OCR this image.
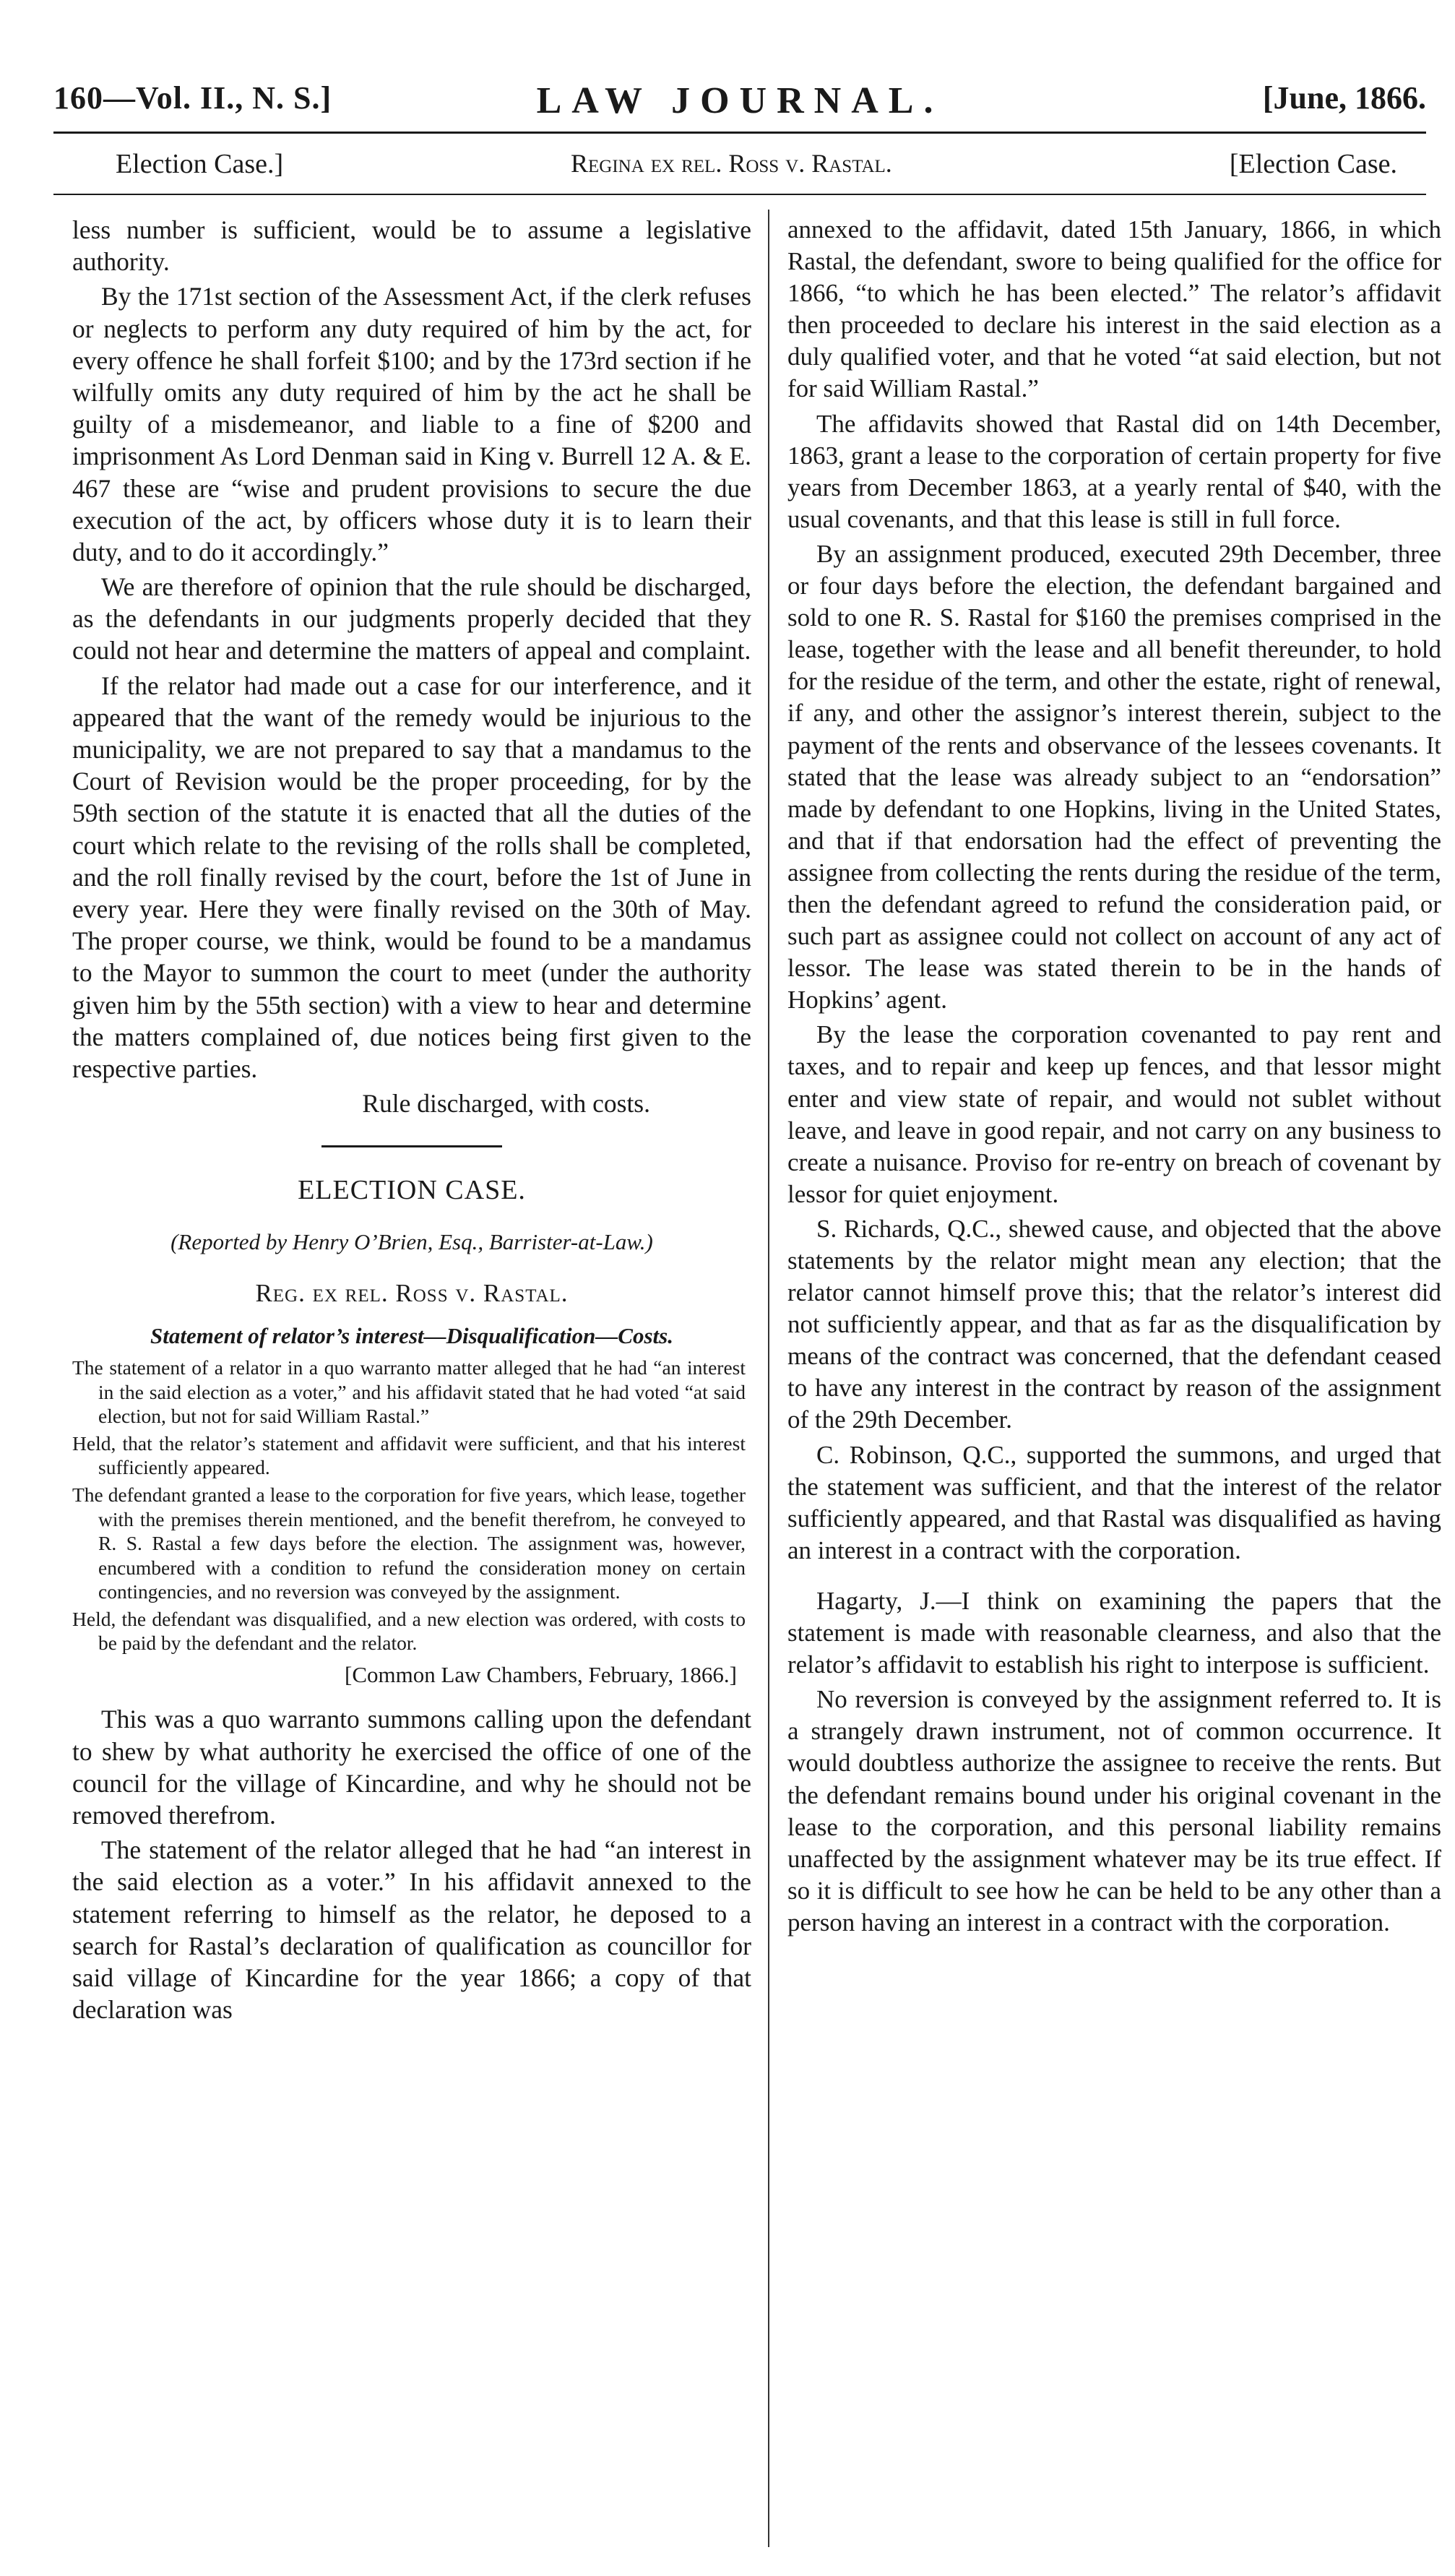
160—Vol. II., N. S.]	LAW JOURNAL.	[June, 1866.
Election Case.]	Regina ex rel. Ross v. Rastal.	[Election Case.

less number is sufficient, would be to assume a legislative authority.

By the 171st section of the Assessment Act, if the clerk refuses or neglects to perform any duty required of him by the act, for every offence he shall forfeit $100; and by the 173rd section if he wilfully omits any duty required of him by the act he shall be guilty of a misdemeanor, and liable to a fine of $200 and imprisonment As Lord Denman said in King v. Burrell 12 A. & E. 467 these are “wise and prudent provisions to secure the due execution of the act, by officers whose duty it is to learn their duty, and to do it accordingly.”

We are therefore of opinion that the rule should be discharged, as the defendants in our judgments properly decided that they could not hear and determine the matters of appeal and complaint.

If the relator had made out a case for our interference, and it appeared that the want of the remedy would be injurious to the municipality, we are not prepared to say that a mandamus to the Court of Revision would be the proper proceeding, for by the 59th section of the statute it is enacted that all the duties of the court which relate to the revising of the rolls shall be completed, and the roll finally revised by the court, before the 1st of June in every year. Here they were finally revised on the 30th of May. The proper course, we think, would be found to be a mandamus to the Mayor to summon the court to meet (under the authority given him by the 55th section) with a view to hear and determine the matters complained of, due notices being first given to the respective parties.

Rule discharged, with costs.

ELECTION CASE.
(Reported by Henry O’Brien, Esq., Barrister-at-Law.)
Reg. ex rel. Ross v. Rastal.
Statement of relator’s interest—Disqualification—Costs.

The statement of a relator in a quo warranto matter alleged that he had “an interest in the said election as a voter,” and his affidavit stated that he had voted “at said election, but not for said William Rastal.”

Held, that the relator’s statement and affidavit were sufficient, and that his interest sufficiently appeared.

The defendant granted a lease to the corporation for five years, which lease, together with the premises therein mentioned, and the benefit therefrom, he conveyed to R. S. Rastal a few days before the election. The assignment was, however, encumbered with a condition to refund the consideration money on certain contingencies, and no reversion was conveyed by the assignment.

Held, the defendant was disqualified, and a new election was ordered, with costs to be paid by the defendant and the relator.

[Common Law Chambers, February, 1866.]

This was a quo warranto summons calling upon the defendant to shew by what authority he exercised the office of one of the council for the village of Kincardine, and why he should not be removed therefrom.

The statement of the relator alleged that he had “an interest in the said election as a voter.” In his affidavit annexed to the statement referring to himself as the relator, he deposed to a search for Rastal’s declaration of qualification as councillor for said village of Kincardine for the year 1866; a copy of that declaration was

annexed to the affidavit, dated 15th January, 1866, in which Rastal, the defendant, swore to being qualified for the office for 1866, “to which he has been elected.” The relator’s affidavit then proceeded to declare his interest in the said election as a duly qualified voter, and that he voted “at said election, but not for said William Rastal.”

The affidavits showed that Rastal did on 14th December, 1863, grant a lease to the corporation of certain property for five years from December 1863, at a yearly rental of $40, with the usual covenants, and that this lease is still in full force.

By an assignment produced, executed 29th December, three or four days before the election, the defendant bargained and sold to one R. S. Rastal for $160 the premises comprised in the lease, together with the lease and all benefit thereunder, to hold for the residue of the term, and other the estate, right of renewal, if any, and other the assignor’s interest therein, subject to the payment of the rents and observance of the lessees covenants. It stated that the lease was already subject to an “endorsation” made by defendant to one Hopkins, living in the United States, and that if that endorsation had the effect of preventing the assignee from collecting the rents during the residue of the term, then the defendant agreed to refund the consideration paid, or such part as assignee could not collect on account of any act of lessor. The lease was stated therein to be in the hands of Hopkins’ agent.

By the lease the corporation covenanted to pay rent and taxes, and to repair and keep up fences, and that lessor might enter and view state of repair, and would not sublet without leave, and leave in good repair, and not carry on any business to create a nuisance. Proviso for re-entry on breach of covenant by lessor for quiet enjoyment.

S. Richards, Q.C., shewed cause, and objected that the above statements by the relator might mean any election; that the relator cannot himself prove this; that the relator’s interest did not sufficiently appear, and that as far as the disqualification by means of the contract was concerned, that the defendant ceased to have any interest in the contract by reason of the assignment of the 29th December.

C. Robinson, Q.C., supported the summons, and urged that the statement was sufficient, and that the interest of the relator sufficiently appeared, and that Rastal was disqualified as having an interest in a contract with the corporation.

Hagarty, J.—I think on examining the papers that the statement is made with reasonable clearness, and also that the relator’s affidavit to establish his right to interpose is sufficient.

No reversion is conveyed by the assignment referred to. It is a strangely drawn instrument, not of common occurrence. It would doubtless authorize the assignee to receive the rents. But the defendant remains bound under his original covenant in the lease to the corporation, and this personal liability remains unaffected by the assignment whatever may be its true effect. If so it is difficult to see how he can be held to be any other than a person having an interest in a contract with the corporation.
